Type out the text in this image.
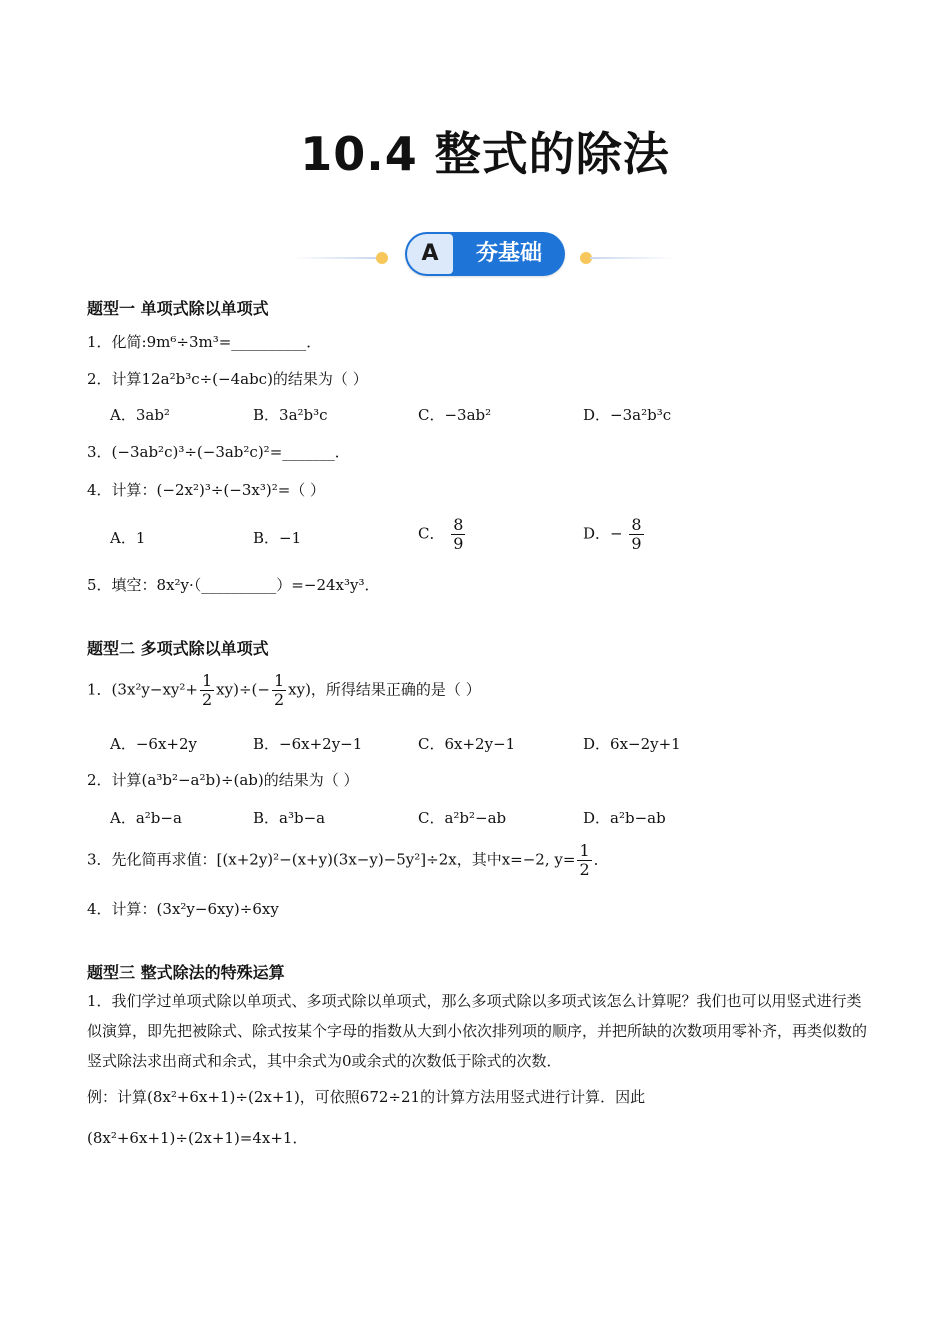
10.4 整式的除法
A	夯基础
题型一 单项式除以单项式
1．化简:9m⁶÷3m³=__________．
2．计算12a²b³c÷(−4abc)的结果为（ ）
A．3ab²	B．3a²b³c	C．−3ab²	D．−3a²b³c
3．(−3ab²c)³÷(−3ab²c)²=_______．
4．计算：(−2x²)³÷(−3x³)²=（ ）
A．1	B．−1	C． $\frac{8}{9}$	D．− $\frac{8}{9}$
5．填空：8x²y·（__________）=−24x³y³．
题型二 多项式除以单项式
1．$(3x^2y-xy^2+ \frac{1}{2} xy)\div(- \frac{1}{2} xy)$，所得结果正确的是（ ）
A．−6x+2y	B．−6x+2y−1	C．6x+2y−1	D．6x−2y+1
2．计算(a³b²−a²b)÷(ab)的结果为（ ）
A．a²b−a	B．a³b−a	C．a²b²−ab	D．a²b−ab
3．先化简再求值：[(x+2y)²−(x+y)(3x−y)−5y²]÷2x，其中x=−2, $y= \frac{1}{2}$ ．
4．计算：(3x²y−6xy)÷6xy
题型三 整式除法的特殊运算
1．我们学过单项式除以单项式、多项式除以单项式，那么多项式除以多项式该怎么计算呢？我们也可以用竖式进行类似演算，即先把被除式、除式按某个字母的指数从大到小依次排列项的顺序，并把所缺的次数项用零补齐，再类似数的竖式除法求出商式和余式，其中余式为0或余式的次数低于除式的次数．
例：计算(8x²+6x+1)÷(2x+1)，可依照672÷21的计算方法用竖式进行计算．因此
(8x²+6x+1)÷(2x+1)=4x+1．
